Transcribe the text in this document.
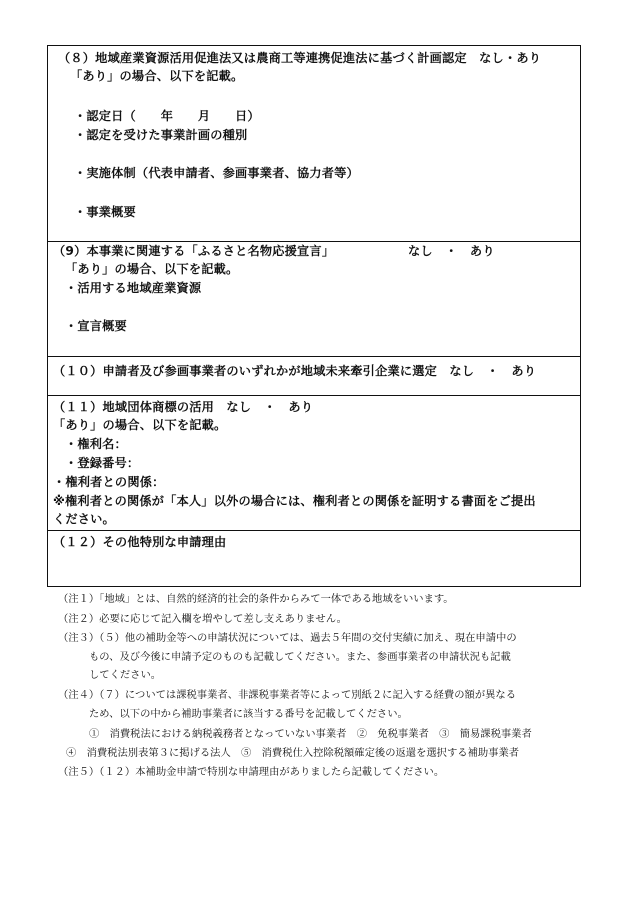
（８）地域産業資源活用促進法又は農商工等連携促進法に基づく計画認定　なし・あり
「あり」の場合、以下を記載。
・認定日（　　年　　月　　日）
・認定を受けた事業計画の種別
・実施体制（代表申請者、参画事業者、協力者等）
・事業概要

（9）本事業に関連する「ふるさと名物応援宣言」	なし　・　あり
「あり」の場合、以下を記載。
・活用する地域産業資源
・宣言概要

（１０）申請者及び参画事業者のいずれかが地域未来牽引企業に選定　なし　・　あり

（１１）地域団体商標の活用　なし　・　あり
「あり」の場合、以下を記載。
・権利名：
・登録番号：
・権利者との関係：
※権利者との関係が「本人」以外の場合には、権利者との関係を証明する書面をご提出
ください。

（１２）その他特別な申請理由
（注１）「地域」とは、自然的経済的社会的条件からみて一体である地域をいいます。
（注２）必要に応じて記入欄を増やして差し支えありません。
（注３）（５）他の補助金等への申請状況については、過去５年間の交付実績に加え、現在申請中の
もの、及び今後に申請予定のものも記載してください。また、参画事業者の申請状況も記載
してください。
（注４）（７）については課税事業者、非課税事業者等によって別紙２に記入する経費の額が異なる
ため、以下の中から補助事業者に該当する番号を記載してください。
①　消費税法における納税義務者となっていない事業者　②　免税事業者　③　簡易課税事業者
④　消費税法別表第３に掲げる法人　⑤　消費税仕入控除税額確定後の返還を選択する補助事業者
（注５）（１２）本補助金申請で特別な申請理由がありましたら記載してください。
